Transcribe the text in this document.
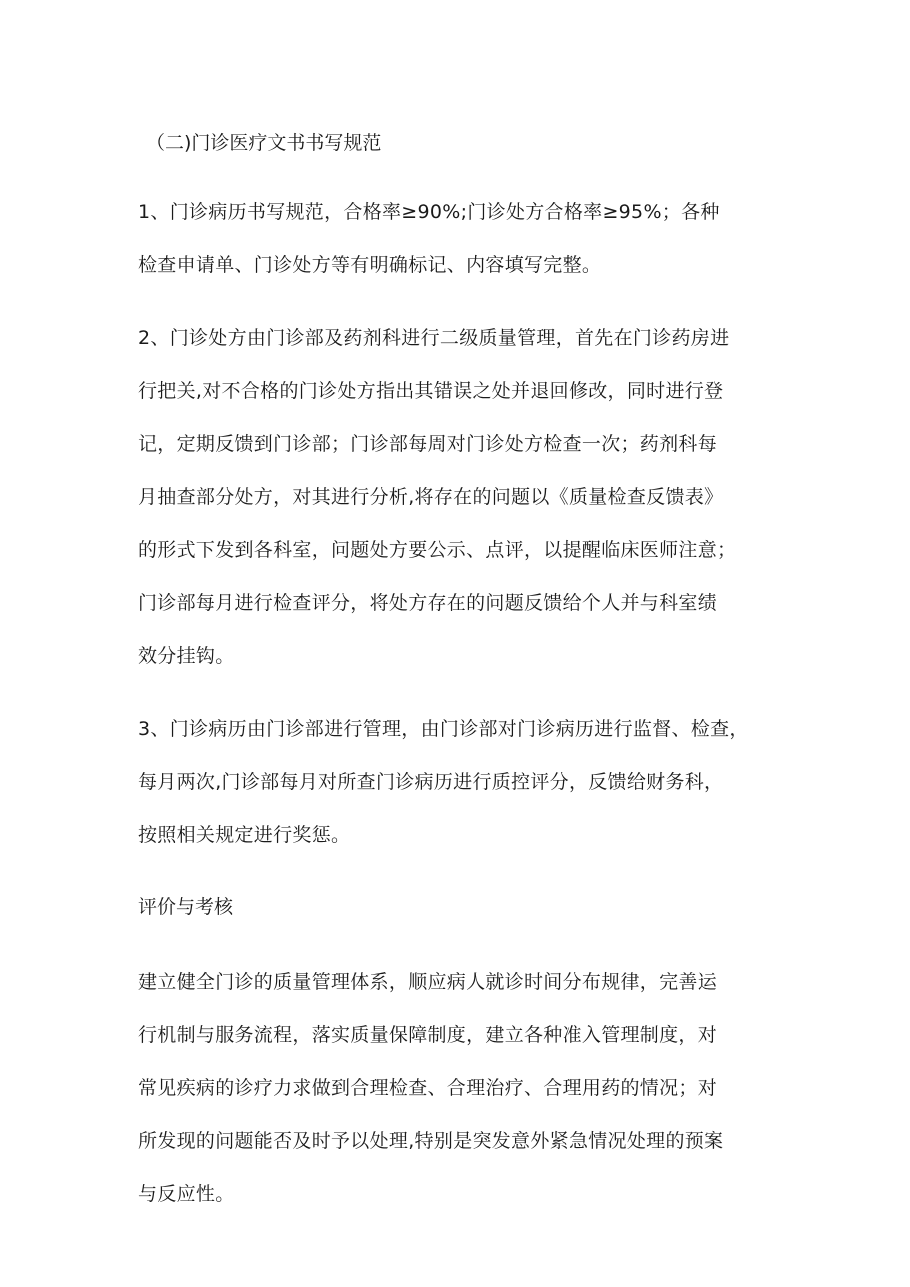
（二)门诊医疗文书书写规范
1、门诊病历书写规范，合格率≥90%;门诊处方合格率≥95%；各种
检查申请单、门诊处方等有明确标记、内容填写完整。
2、门诊处方由门诊部及药剂科进行二级质量管理，首先在门诊药房进
行把关,对不合格的门诊处方指出其错误之处并退回修改，同时进行登
记，定期反馈到门诊部；门诊部每周对门诊处方检查一次；药剂科每
月抽查部分处方，对其进行分析,将存在的问题以《质量检查反馈表》
的形式下发到各科室，问题处方要公示、点评，以提醒临床医师注意；
门诊部每月进行检查评分，将处方存在的问题反馈给个人并与科室绩
效分挂钩。
3、门诊病历由门诊部进行管理，由门诊部对门诊病历进行监督、检查，
每月两次,门诊部每月对所查门诊病历进行质控评分，反馈给财务科，
按照相关规定进行奖惩。
评价与考核
建立健全门诊的质量管理体系，顺应病人就诊时间分布规律，完善运
行机制与服务流程，落实质量保障制度，建立各种准入管理制度，对
常见疾病的诊疗力求做到合理检查、合理治疗、合理用药的情况；对
所发现的问题能否及时予以处理,特别是突发意外紧急情况处理的预案
与反应性。
